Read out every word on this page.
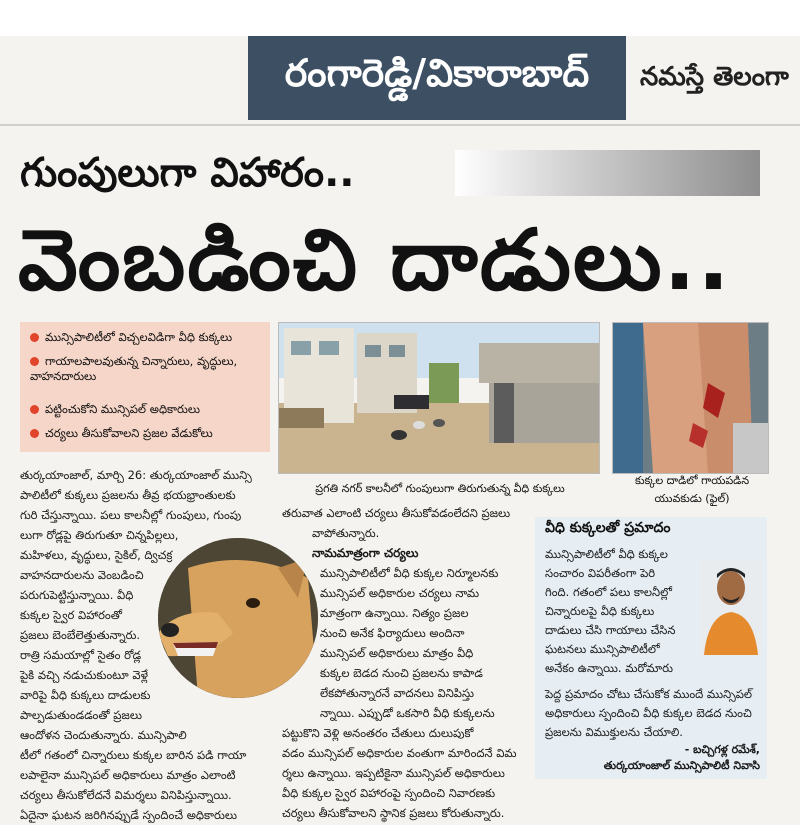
రంగారెడ్డి/వికారాబాద్ నమస్తే తెలంగా
గుంపులుగా విహారం..
వెంబడించి దాడులు..
మున్సిపాలిటీలో విచ్చలవిడిగా వీధి కుక్కలు
గాయాలపాలవుతున్న చిన్నారులు, వృద్ధులు, వాహనదారులు
పట్టించుకోని మున్సిపల్ అధికారులు
చర్యలు తీసుకోవాలని ప్రజల వేడుకోలు
ప్రగతి నగర్ కాలనీలో గుంపులుగా తిరుగుతున్న వీధి కుక్కలు
కుక్కల దాడిలో గాయపడిన
యువకుడు (ఫైల్)
తుర్కయాంజాల్, మార్చి 26: తుర్కయాంజాల్ మున్సి
పాలిటీలో కుక్కలు ప్రజలను తీవ్ర భయభ్రాంతులకు
గురి చేస్తున్నాయి. పలు కాలనీల్లో గుంపులు, గుంపు
లుగా రోడ్లపై తిరుగుతూ చిన్నపిల్లలు,
మహిళలు, వృద్ధులు, సైకిల్, ద్విచక్ర
వాహనదారులను వెంబడించి
పరుగుపెట్టిస్తున్నాయి. వీధి
కుక్కల స్వైర విహారంతో
ప్రజలు బెంబేలెత్తుతున్నారు.
రాత్రి సమయాల్లో సైతం రోడ్ల
పైకి వచ్చి నడుచుకుంటూ వెళ్లే
వారిపై వీధి కుక్కలు దాడులకు
పాల్పడుతుండడంతో ప్రజలు
ఆందోళన చెందుతున్నారు. మున్సిపాలి
టీలో గతంలో చిన్నారులు కుక్కల బారిన పడి గాయా
లపాలైనా మున్సిపల్ అధికారులు మాత్రం ఎలాంటి
చర్యలు తీసుకోలేదనే విమర్శలు వినిపిస్తున్నాయి.
ఏదైనా ఘటన జరిగినప్పుడే స్పందించే అధికారులు
తరువాత ఎలాంటి చర్యలు తీసుకోవడంలేదని ప్రజలు
వాపోతున్నారు.
నామమాత్రంగా చర్యలు
మున్సిపాలిటీలో వీధి కుక్కల నిర్మూలనకు
మున్సిపల్ అధికారుల చర్యలు నామ
మాత్రంగా ఉన్నాయి. నిత్యం ప్రజల
నుంచి అనేక ఫిర్యాదులు అందినా
మున్సిపల్ అధికారులు మాత్రం వీధి
కుక్కల బెడద నుంచి ప్రజలను కాపాడ
లేకపోతున్నారనే వాదనలు వినిపిస్తు
న్నాయి. ఎప్పుడో ఒకసారి వీధి కుక్కలను
పట్టుకొని వెళ్లి అనంతరం చేతులు దులుపుకో
వడం మున్సిపల్ అధికారుల వంతుగా మారిందనే విమ
ర్శలు ఉన్నాయి. ఇప్పటికైనా మున్సిపల్ అధికారులు
వీధి కుక్కల స్వైర విహారంపై స్పందించి నివారణకు
చర్యలు తీసుకోవాలని స్థానిక ప్రజలు కోరుతున్నారు.
వీధి కుక్కలతో ప్రమాదం
మున్సిపాలిటీలో వీధి కుక్కల
సంచారం విపరీతంగా పెరి
గింది. గతంలో పలు కాలనీల్లో
చిన్నారులపై వీధి కుక్కలు
దాడులు చేసి గాయాలు చేసిన
ఘటనలు మున్సిపాలిటీలో
అనేకం ఉన్నాయి. మరోమారు
పెద్ద ప్రమాదం చోటు చేసుకోక ముందే మున్సిపల్
అధికారులు స్పందించి వీధి కుక్కల బెడద నుంచి
ప్రజలను విముక్తులను చేయాలి.
- బచ్చిగళ్ల రమేశ్,
తుర్కయాంజాల్ మున్సిపాలిటీ నివాసి
